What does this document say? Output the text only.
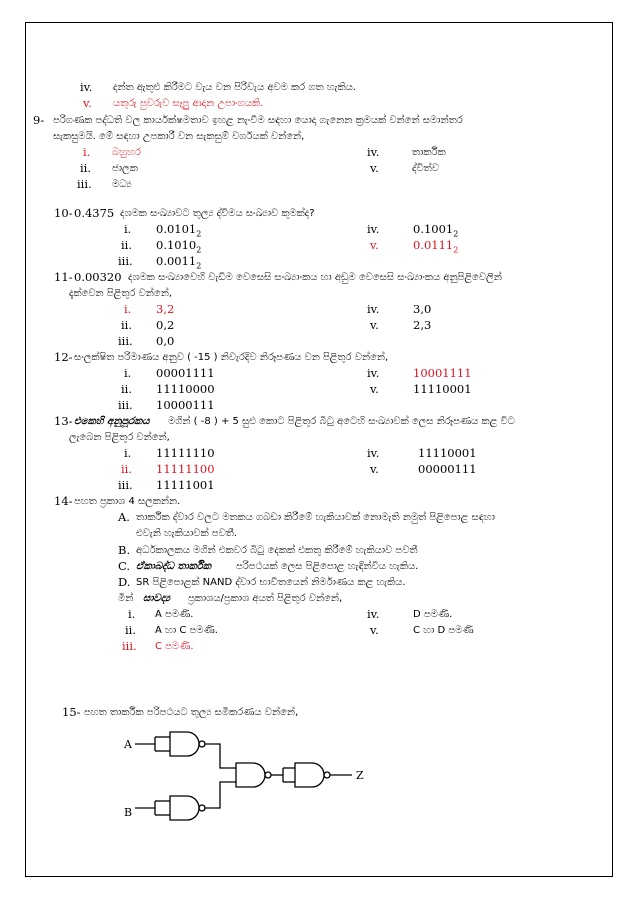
iv. දන්ත ඇතුළු කිරීමට වැය වන පිරිවැය අවම කර ගත හැකිය.
v. යතුරු පුවරුව සෑපුු ආදාන උපාංගයකි.
9- පරිගණක පද්ධති වල කාර්යක්ෂමතාව ඉහළ නැංවීම සඳහා යොදා ගැනෙන ක්‍රමයක් වන්නේ සමාන්තර
සැකසුමයි. මේ සඳහා උපකාරී වන සැකසුම් වර්ගයක් වන්නේ,
i. බහුහර
ii. ජාලක
iii. මධ්‍ය
iv.	තාර්කික
v.	ද්විත්ව
10- 0.4375 දශමක සංඛ්‍යාවට තුල්‍ය ද්විමය සංඛ්‍යාව කුමක්ද?
i. $0.0101_2$
ii. $0.1010_2$
iii. $0.0011_2$
iv.	$0.1001_2$
v.	$0.0111_2$
11- 0.00320 දශමක සංඛ්‍යාවෙහි වැඩිම වෙසෙසි සංඛ්‍යාංකය හා අඩුම වෙසෙසි සංඛ්‍යාංකය අනුපිළිවෙලින්
දැක්වෙන පිළිතුර වන්නේ,
i. 3,2
ii. 0,2
iii. 0,0
iv.	3,0
v.	2,3
12- සංලක්ෂිත පරිමාණය අනුව ( -15 ) නිවැරදිව නිරූපණය වන පිළිතුර වන්නේ,
i. 00001111
ii. 11110000
iii. 10000111
iv.	10001111
v.	11110001
13- එකෙහි අනුපූරකය මගින් ( -8 ) + 5 සුළු කොට පිළිතුර බිටු අටෙහි සංඛ්‍යාවක් ලෙස නිරූපණය කළ විට
ලැබෙන පිළිතුර වන්නේ,
i. 11111110
ii. 11111100
iii. 11111001
iv.	11110001
v.	00000111
14- පහත ප්‍රකාශ 4 සලකන්න.
A. තාර්කික ද්වාර වලට මතකය ගබඩා කිරීමේ හැකියාවක් නොමැති නමුත් පිළිපොළ සඳහා
එවැනි හැකියාවක් පවතී.
B. අර්ධකාලකය මගින් එකවර බිටු දෙකක් එකතු කිරීමේ හැකියාව පවතී
C. ඒකාබද්ධ තාර්කික පරිපථයක් ලෙස පිළිපොළ හැඳින්විය හැකිය.
D. SR පිළිපොළක් NAND ද්වාර භාවිතයෙන් නිර්මාණය කළ හැකිය.
මින් සාවද්‍ය ප්‍රකාශය/ප්‍රකාශ අයත් පිළිතුර වන්නේ,
i. A පමණි.
ii. A හා C පමණි.
iii. C පමණි.
iv.	D පමණි.
v.	C හා D පමණි
15- පහත තාර්කික පරිපථයට තුල්‍ය සමීකරණය වන්නේ,
A
B
Z
